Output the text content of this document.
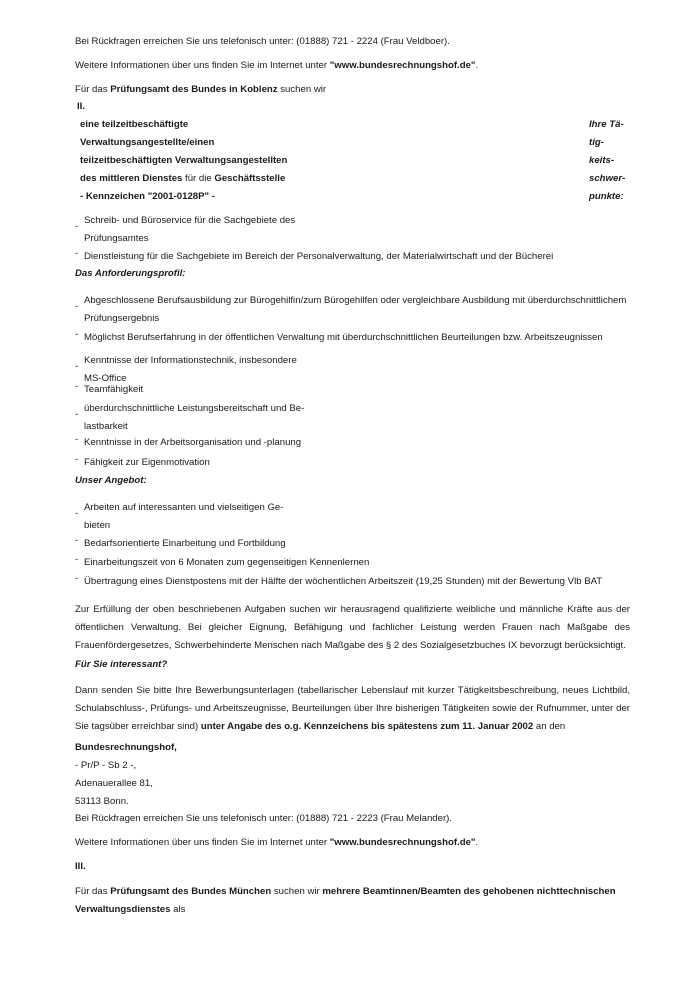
Bei Rückfragen erreichen Sie uns telefonisch unter: (01888) 721 - 2224 (Frau Veldboer).
Weitere Informationen über uns finden Sie im Internet unter "www.bundesrechnungshof.de".
Für das Prüfungsamt des Bundes in Koblenz suchen wir
II.
eine teilzeitbeschäftigte
Verwaltungsangestellte/einen
teilzeitbeschäftigten Verwaltungsangestellten
des mittleren Dienstes für die Geschäftsstelle
- Kennzeichen "2001-0128P" -
Ihre Tä-
tig-
keits-
schwer-
punkte:
-
Schreib- und Büroservice für die Sachgebiete des
Prüfungsamtes
- Dienstleistung für die Sachgebiete im Bereich der Personalverwaltung, der Materialwirtschaft und der Bücherei
Das Anforderungsprofil:
-
Abgeschlossene Berufsausbildung zur Bürogehilfin/zum Bürogehilfen oder vergleichbare Ausbildung mit überdurchschnittlichem
Prüfungsergebnis
- Möglichst Berufserfahrung in der öffentlichen Verwaltung mit überdurchschnittlichen Beurteilungen bzw. Arbeitszeugnissen
-
Kenntnisse der Informationstechnik, insbesondere
MS-Office
- Teamfähigkeit
-
überdurchschnittliche Leistungsbereitschaft und Be-
lastbarkeit
- Kenntnisse in der Arbeitsorganisation und -planung
- Fähigkeit zur Eigenmotivation
Unser Angebot:
-
Arbeiten auf interessanten und vielseitigen Ge-
bieten
- Bedarfsorientierte Einarbeitung und Fortbildung
- Einarbeitungszeit von 6 Monaten zum gegenseitigen Kennenlernen
- Übertragung eines Dienstpostens mit der Hälfte der wöchentlichen Arbeitszeit (19,25 Stunden) mit der Bewertung Vlb BAT
Zur Erfüllung der oben beschriebenen Aufgaben suchen wir herausragend qualifizierte weibliche und männliche Kräfte aus der öffentlichen Verwaltung. Bei gleicher Eignung, Befähigung und fachlicher Leistung werden Frauen nach Maßgabe des Frauenfördergesetzes, Schwerbehinderte Menschen nach Maßgabe des § 2 des Sozialgesetzbuches IX bevorzugt berücksichtigt.
Für Sie interessant?
Dann senden Sie bitte Ihre Bewerbungsunterlagen (tabellarischer Lebenslauf mit kurzer Tätigkeitsbeschreibung, neues Lichtbild, Schulabschluss-, Prüfungs- und Arbeitszeugnisse, Beurteilungen über Ihre bisherigen Tätigkeiten sowie der Rufnummer, unter der Sie tagsüber erreichbar sind) unter Angabe des o.g. Kennzeichens bis spätestens zum 11. Januar 2002 an den
Bundesrechnungshof,
- Pr/P - Sb 2 -,
Adenauerallee 81,
53113 Bonn.
Bei Rückfragen erreichen Sie uns telefonisch unter: (01888) 721 - 2223 (Frau Melander).
Weitere Informationen über uns finden Sie im Internet unter "www.bundesrechnungshof.de".
III.
Für das Prüfungsamt des Bundes München suchen wir mehrere Beamtinnen/Beamten des gehobenen nichttechnischen Verwaltungsdienstes als
